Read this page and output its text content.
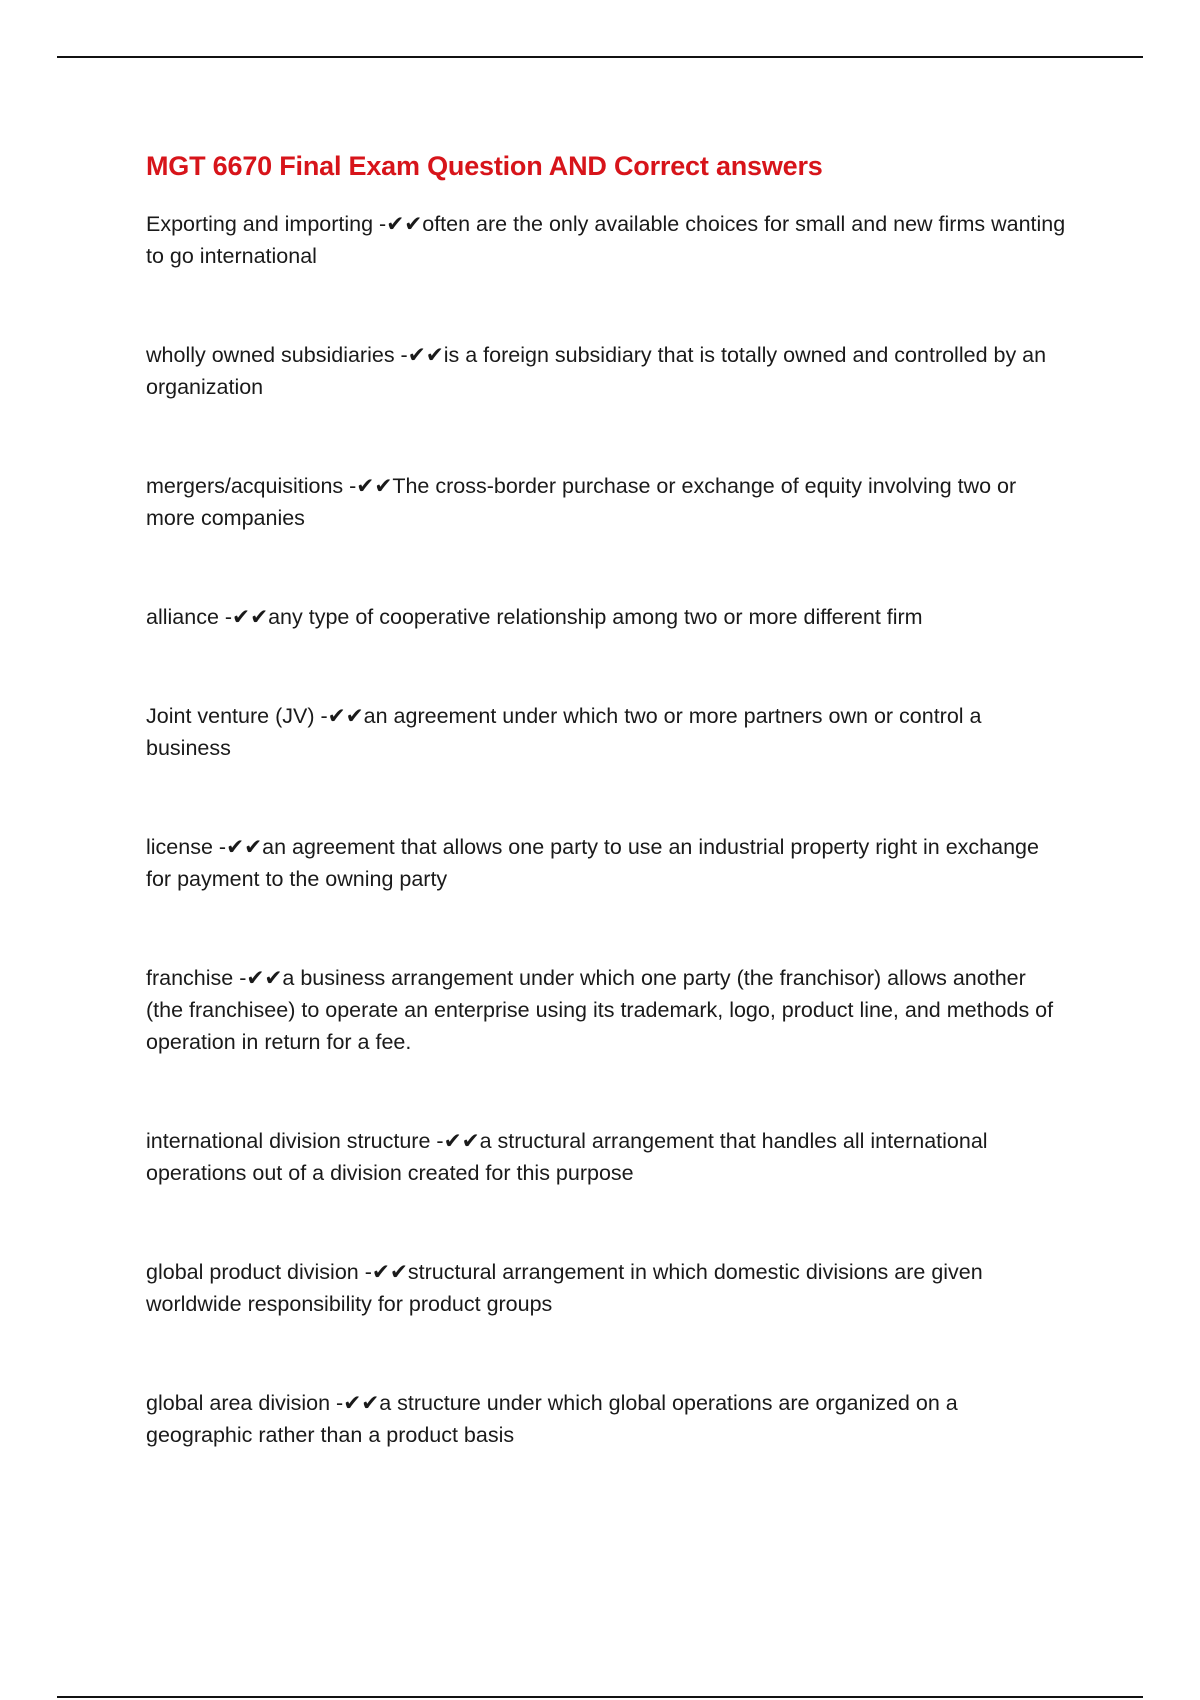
MGT 6670 Final Exam Question AND Correct answers
Exporting and importing -✔✔often are the only available choices for small and new firms wanting to go international
wholly owned subsidiaries -✔✔is a foreign subsidiary that is totally owned and controlled by an organization
mergers/acquisitions -✔✔The cross-border purchase or exchange of equity involving two or more companies
alliance -✔✔any type of cooperative relationship among two or more different firm
Joint venture (JV) -✔✔an agreement under which two or more partners own or control a business
license -✔✔an agreement that allows one party to use an industrial property right in exchange for payment to the owning party
franchise -✔✔a business arrangement under which one party (the franchisor) allows another (the franchisee) to operate an enterprise using its trademark, logo, product line, and methods of operation in return for a fee.
international division structure -✔✔a structural arrangement that handles all international operations out of a division created for this purpose
global product division -✔✔structural arrangement in which domestic divisions are given worldwide responsibility for product groups
global area division -✔✔a structure under which global operations are organized on a geographic rather than a product basis
